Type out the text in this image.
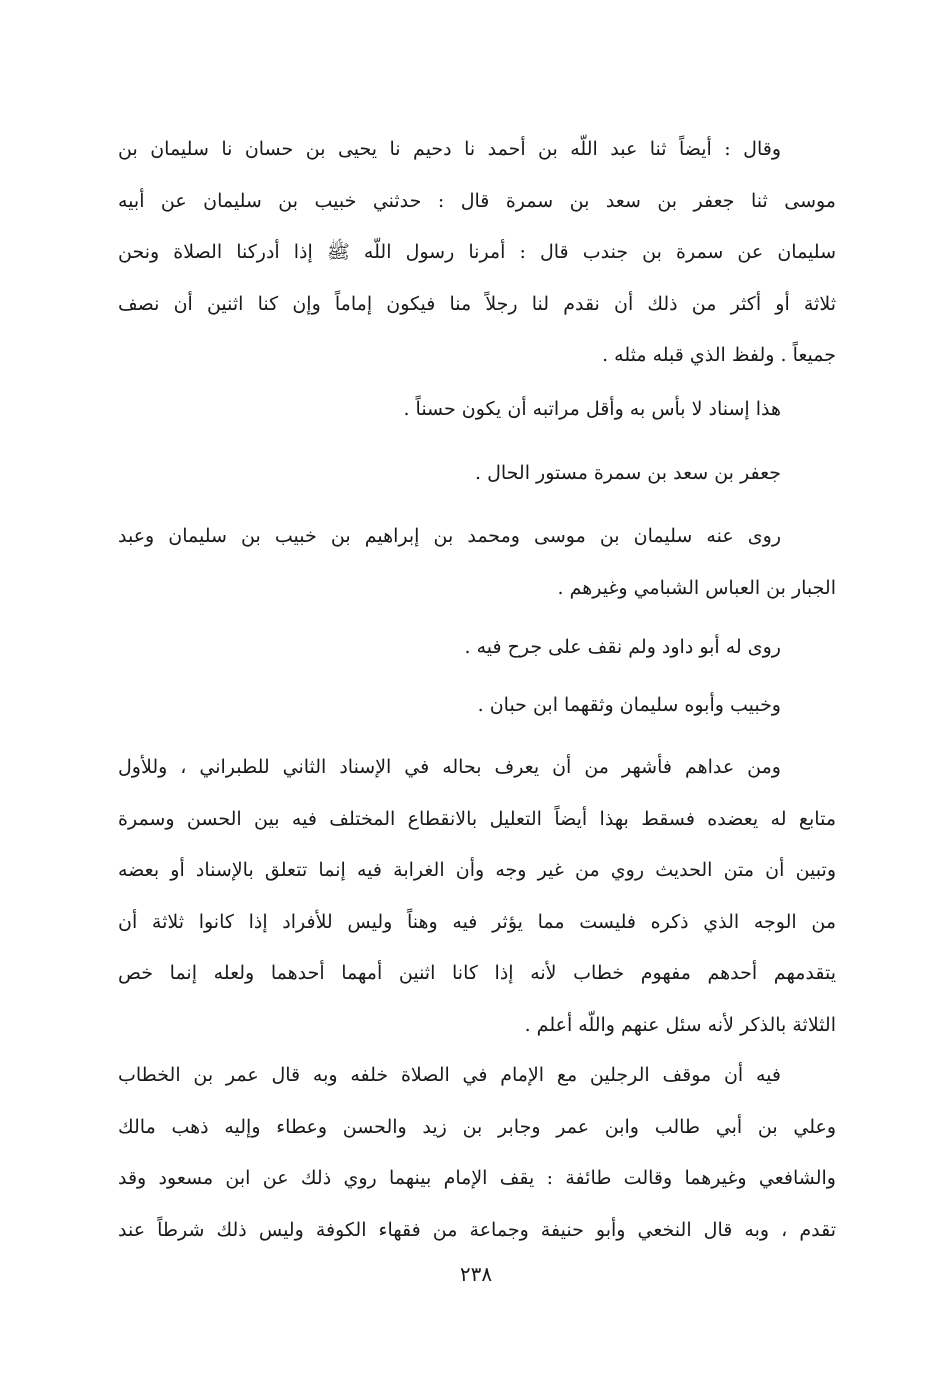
وقال : أيضاً ثنا عبد اللّه بن أحمد نا دحيم نا يحيى بن حسان نا سليمان بن
موسى ثنا جعفر بن سعد بن سمرة قال : حدثني خبيب بن سليمان عن أبيه
سليمان عن سمرة بن جندب قال : أمرنا رسول اللّه ﷺ إذا أدركنا الصلاة ونحن
ثلاثة أو أكثر من ذلك أن نقدم لنا رجلاً منا فيكون إماماً وإن كنا اثنين أن نصف
جميعاً . ولفظ الذي قبله مثله .
هذا إسناد لا بأس به وأقل مراتبه أن يكون حسناً .
جعفر بن سعد بن سمرة مستور الحال .
روى عنه سليمان بن موسى ومحمد بن إبراهيم بن خبيب بن سليمان وعبد
الجبار بن العباس الشبامي وغيرهم .
روى له أبو داود ولم نقف على جرح فيه .
وخبيب وأبوه سليمان وثقهما ابن حبان .
ومن عداهم فأشهر من أن يعرف بحاله في الإسناد الثاني للطبراني ، وللأول
متابع له يعضده فسقط بهذا أيضاً التعليل بالانقطاع المختلف فيه بين الحسن وسمرة
وتبين أن متن الحديث روي من غير وجه وأن الغرابة فيه إنما تتعلق بالإسناد أو بعضه
من الوجه الذي ذكره فليست مما يؤثر فيه وهناً وليس للأفراد إذا كانوا ثلاثة أن
يتقدمهم أحدهم مفهوم خطاب لأنه إذا كانا اثنين أمهما أحدهما ولعله إنما خص
الثلاثة بالذكر لأنه سئل عنهم واللّه أعلم .
فيه أن موقف الرجلين مع الإمام في الصلاة خلفه وبه قال عمر بن الخطاب
وعلي بن أبي طالب وابن عمر وجابر بن زيد والحسن وعطاء وإليه ذهب مالك
والشافعي وغيرهما وقالت طائفة : يقف الإمام بينهما روي ذلك عن ابن مسعود وقد
تقدم ، وبه قال النخعي وأبو حنيفة وجماعة من فقهاء الكوفة وليس ذلك شرطاً عند
٢٣٨
